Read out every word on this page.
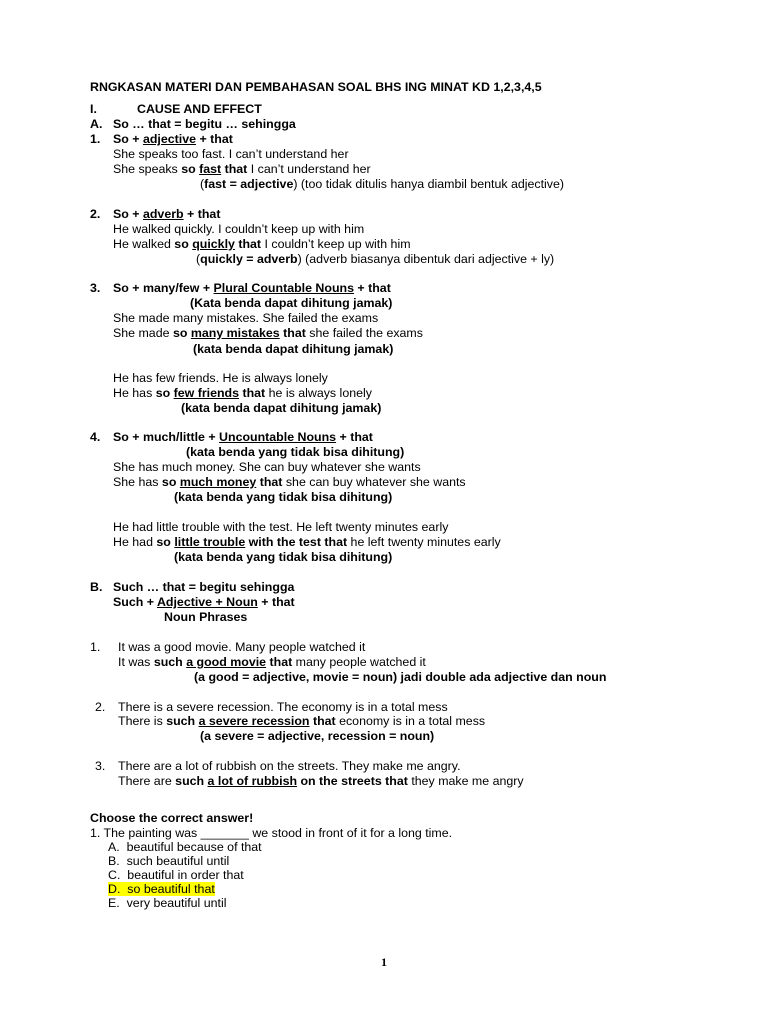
RNGKASAN MATERI DAN PEMBAHASAN SOAL BHS ING MINAT KD 1,2,3,4,5
I.	CAUSE AND EFFECT
A. So … that = begitu … sehingga
1. So + adjective + that
She speaks too fast. I can’t understand her
She speaks so fast that I can’t understand her
(fast = adjective) (too tidak ditulis hanya diambil bentuk adjective)
2. So + adverb + that
He walked quickly. I couldn’t keep up with him
He walked so quickly that I couldn’t keep up with him
(quickly = adverb) (adverb biasanya dibentuk dari adjective + ly)
3. So + many/few + Plural Countable Nouns + that
(Kata benda dapat dihitung jamak)
She made many mistakes. She failed the exams
She made so many mistakes that she failed the exams
(kata benda dapat dihitung jamak)
He has few friends. He is always lonely
He has so few friends that he is always lonely
(kata benda dapat dihitung jamak)
4. So + much/little + Uncountable Nouns + that
(kata benda yang tidak bisa dihitung)
She has much money. She can buy whatever she wants
She has so much money that she can buy whatever she wants
(kata benda yang tidak bisa dihitung)
He had little trouble with the test. He left twenty minutes early
He had so little trouble with the test that he left twenty minutes early
(kata benda yang tidak bisa dihitung)
B. Such … that = begitu sehingga
Such + Adjective + Noun + that
Noun Phrases
1. It was a good movie. Many people watched it
It was such a good movie that many people watched it
(a good = adjective, movie = noun) jadi double ada adjective dan noun
2. There is a severe recession. The economy is in a total mess
There is such a severe recession that economy is in a total mess
(a severe = adjective, recession = noun)
3. There are a lot of rubbish on the streets. They make me angry.
There are such a lot of rubbish on the streets that they make me angry
Choose the correct answer!
1. The painting was _______ we stood in front of it for a long time.
A. beautiful because of that
B. such beautiful until
C. beautiful in order that
D. so beautiful that
E. very beautiful until
1
